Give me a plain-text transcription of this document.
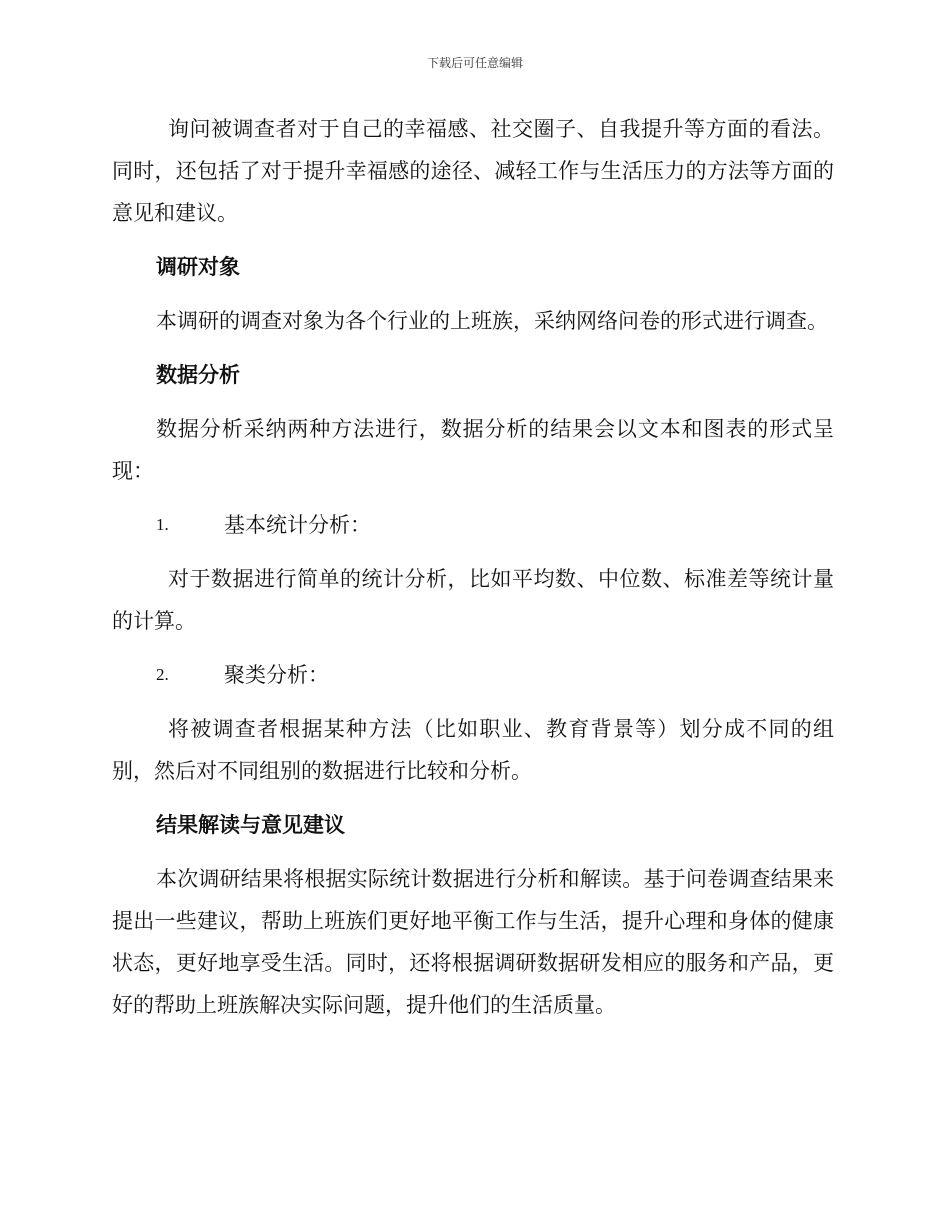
下载后可任意编辑

询问被调查者对于自己的幸福感、社交圈子、自我提升等方面的看法。同时，还包括了对于提升幸福感的途径、减轻工作与生活压力的方法等方面的意见和建议。

调研对象

本调研的调查对象为各个行业的上班族，采纳网络问卷的形式进行调查。

数据分析

数据分析采纳两种方法进行，数据分析的结果会以文本和图表的形式呈现：

1.	基本统计分析：

对于数据进行简单的统计分析，比如平均数、中位数、标准差等统计量的计算。

2.	聚类分析：

将被调查者根据某种方法（比如职业、教育背景等）划分成不同的组别，然后对不同组别的数据进行比较和分析。

结果解读与意见建议

本次调研结果将根据实际统计数据进行分析和解读。基于问卷调查结果来提出一些建议，帮助上班族们更好地平衡工作与生活，提升心理和身体的健康状态，更好地享受生活。同时，还将根据调研数据研发相应的服务和产品，更好的帮助上班族解决实际问题，提升他们的生活质量。
